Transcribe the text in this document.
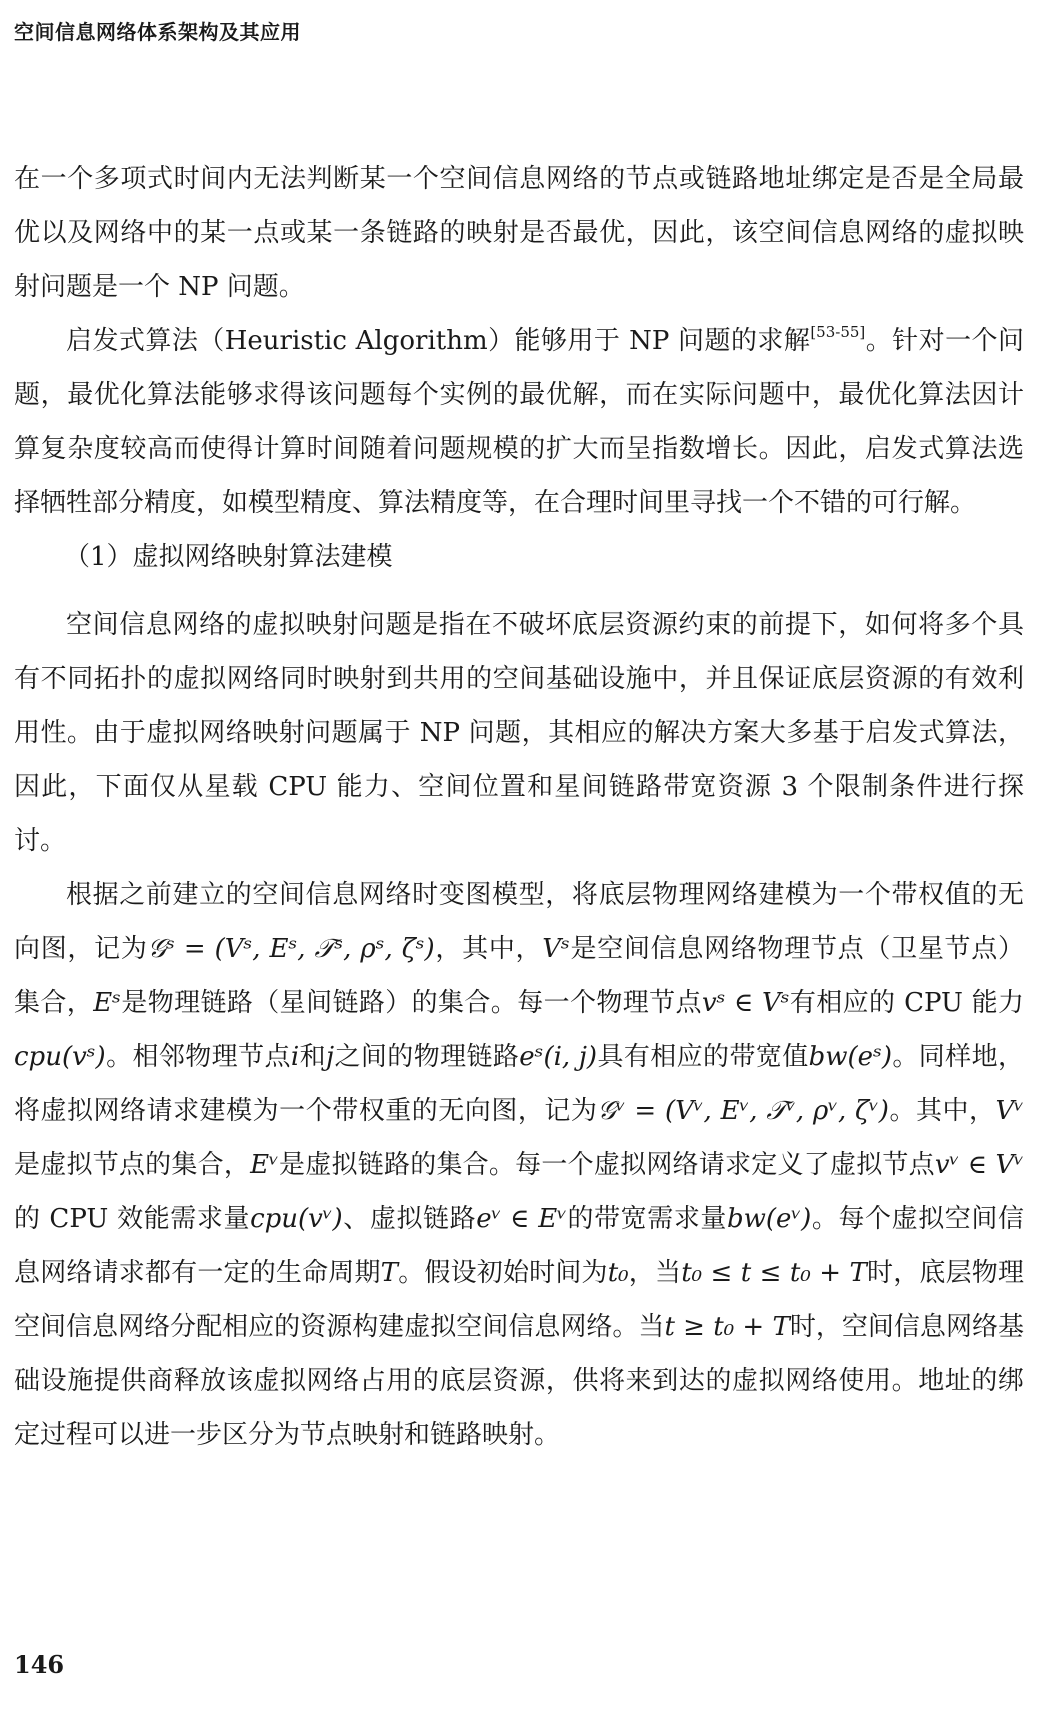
空间信息网络体系架构及其应用

在一个多项式时间内无法判断某一个空间信息网络的节点或链路地址绑定是否是全局最优以及网络中的某一点或某一条链路的映射是否最优，因此，该空间信息网络的虚拟映射问题是一个 NP 问题。

启发式算法（Heuristic Algorithm）能够用于 NP 问题的求解[53-55]。针对一个问题，最优化算法能够求得该问题每个实例的最优解，而在实际问题中，最优化算法因计算复杂度较高而使得计算时间随着问题规模的扩大而呈指数增长。因此，启发式算法选择牺牲部分精度，如模型精度、算法精度等，在合理时间里寻找一个不错的可行解。

（1）虚拟网络映射算法建模

空间信息网络的虚拟映射问题是指在不破坏底层资源约束的前提下，如何将多个具有不同拓扑的虚拟网络同时映射到共用的空间基础设施中，并且保证底层资源的有效利用性。由于虚拟网络映射问题属于 NP 问题，其相应的解决方案大多基于启发式算法，因此，下面仅从星载 CPU 能力、空间位置和星间链路带宽资源 3 个限制条件进行探讨。

根据之前建立的空间信息网络时变图模型，将底层物理网络建模为一个带权值的无向图，记为𝒢ˢ = (Vˢ, Eˢ, 𝒯ˢ, ρˢ, ζˢ)，其中，Vˢ是空间信息网络物理节点（卫星节点）集合，Eˢ是物理链路（星间链路）的集合。每一个物理节点vˢ ∈ Vˢ有相应的 CPU 能力cpu(vˢ)。相邻物理节点i和j之间的物理链路eˢ(i, j)具有相应的带宽值bw(eˢ)。同样地，将虚拟网络请求建模为一个带权重的无向图，记为𝒢ᵛ = (Vᵛ, Eᵛ, 𝒯ᵛ, ρᵛ, ζᵛ)。其中，Vᵛ是虚拟节点的集合，Eᵛ是虚拟链路的集合。每一个虚拟网络请求定义了虚拟节点vᵛ ∈ Vᵛ的 CPU 效能需求量cpu(vᵛ)、虚拟链路eᵛ ∈ Eᵛ的带宽需求量bw(eᵛ)。每个虚拟空间信息网络请求都有一定的生命周期T。假设初始时间为t₀，当t₀ ≤ t ≤ t₀ + T时，底层物理空间信息网络分配相应的资源构建虚拟空间信息网络。当t ≥ t₀ + T时，空间信息网络基础设施提供商释放该虚拟网络占用的底层资源，供将来到达的虚拟网络使用。地址的绑定过程可以进一步区分为节点映射和链路映射。

146
